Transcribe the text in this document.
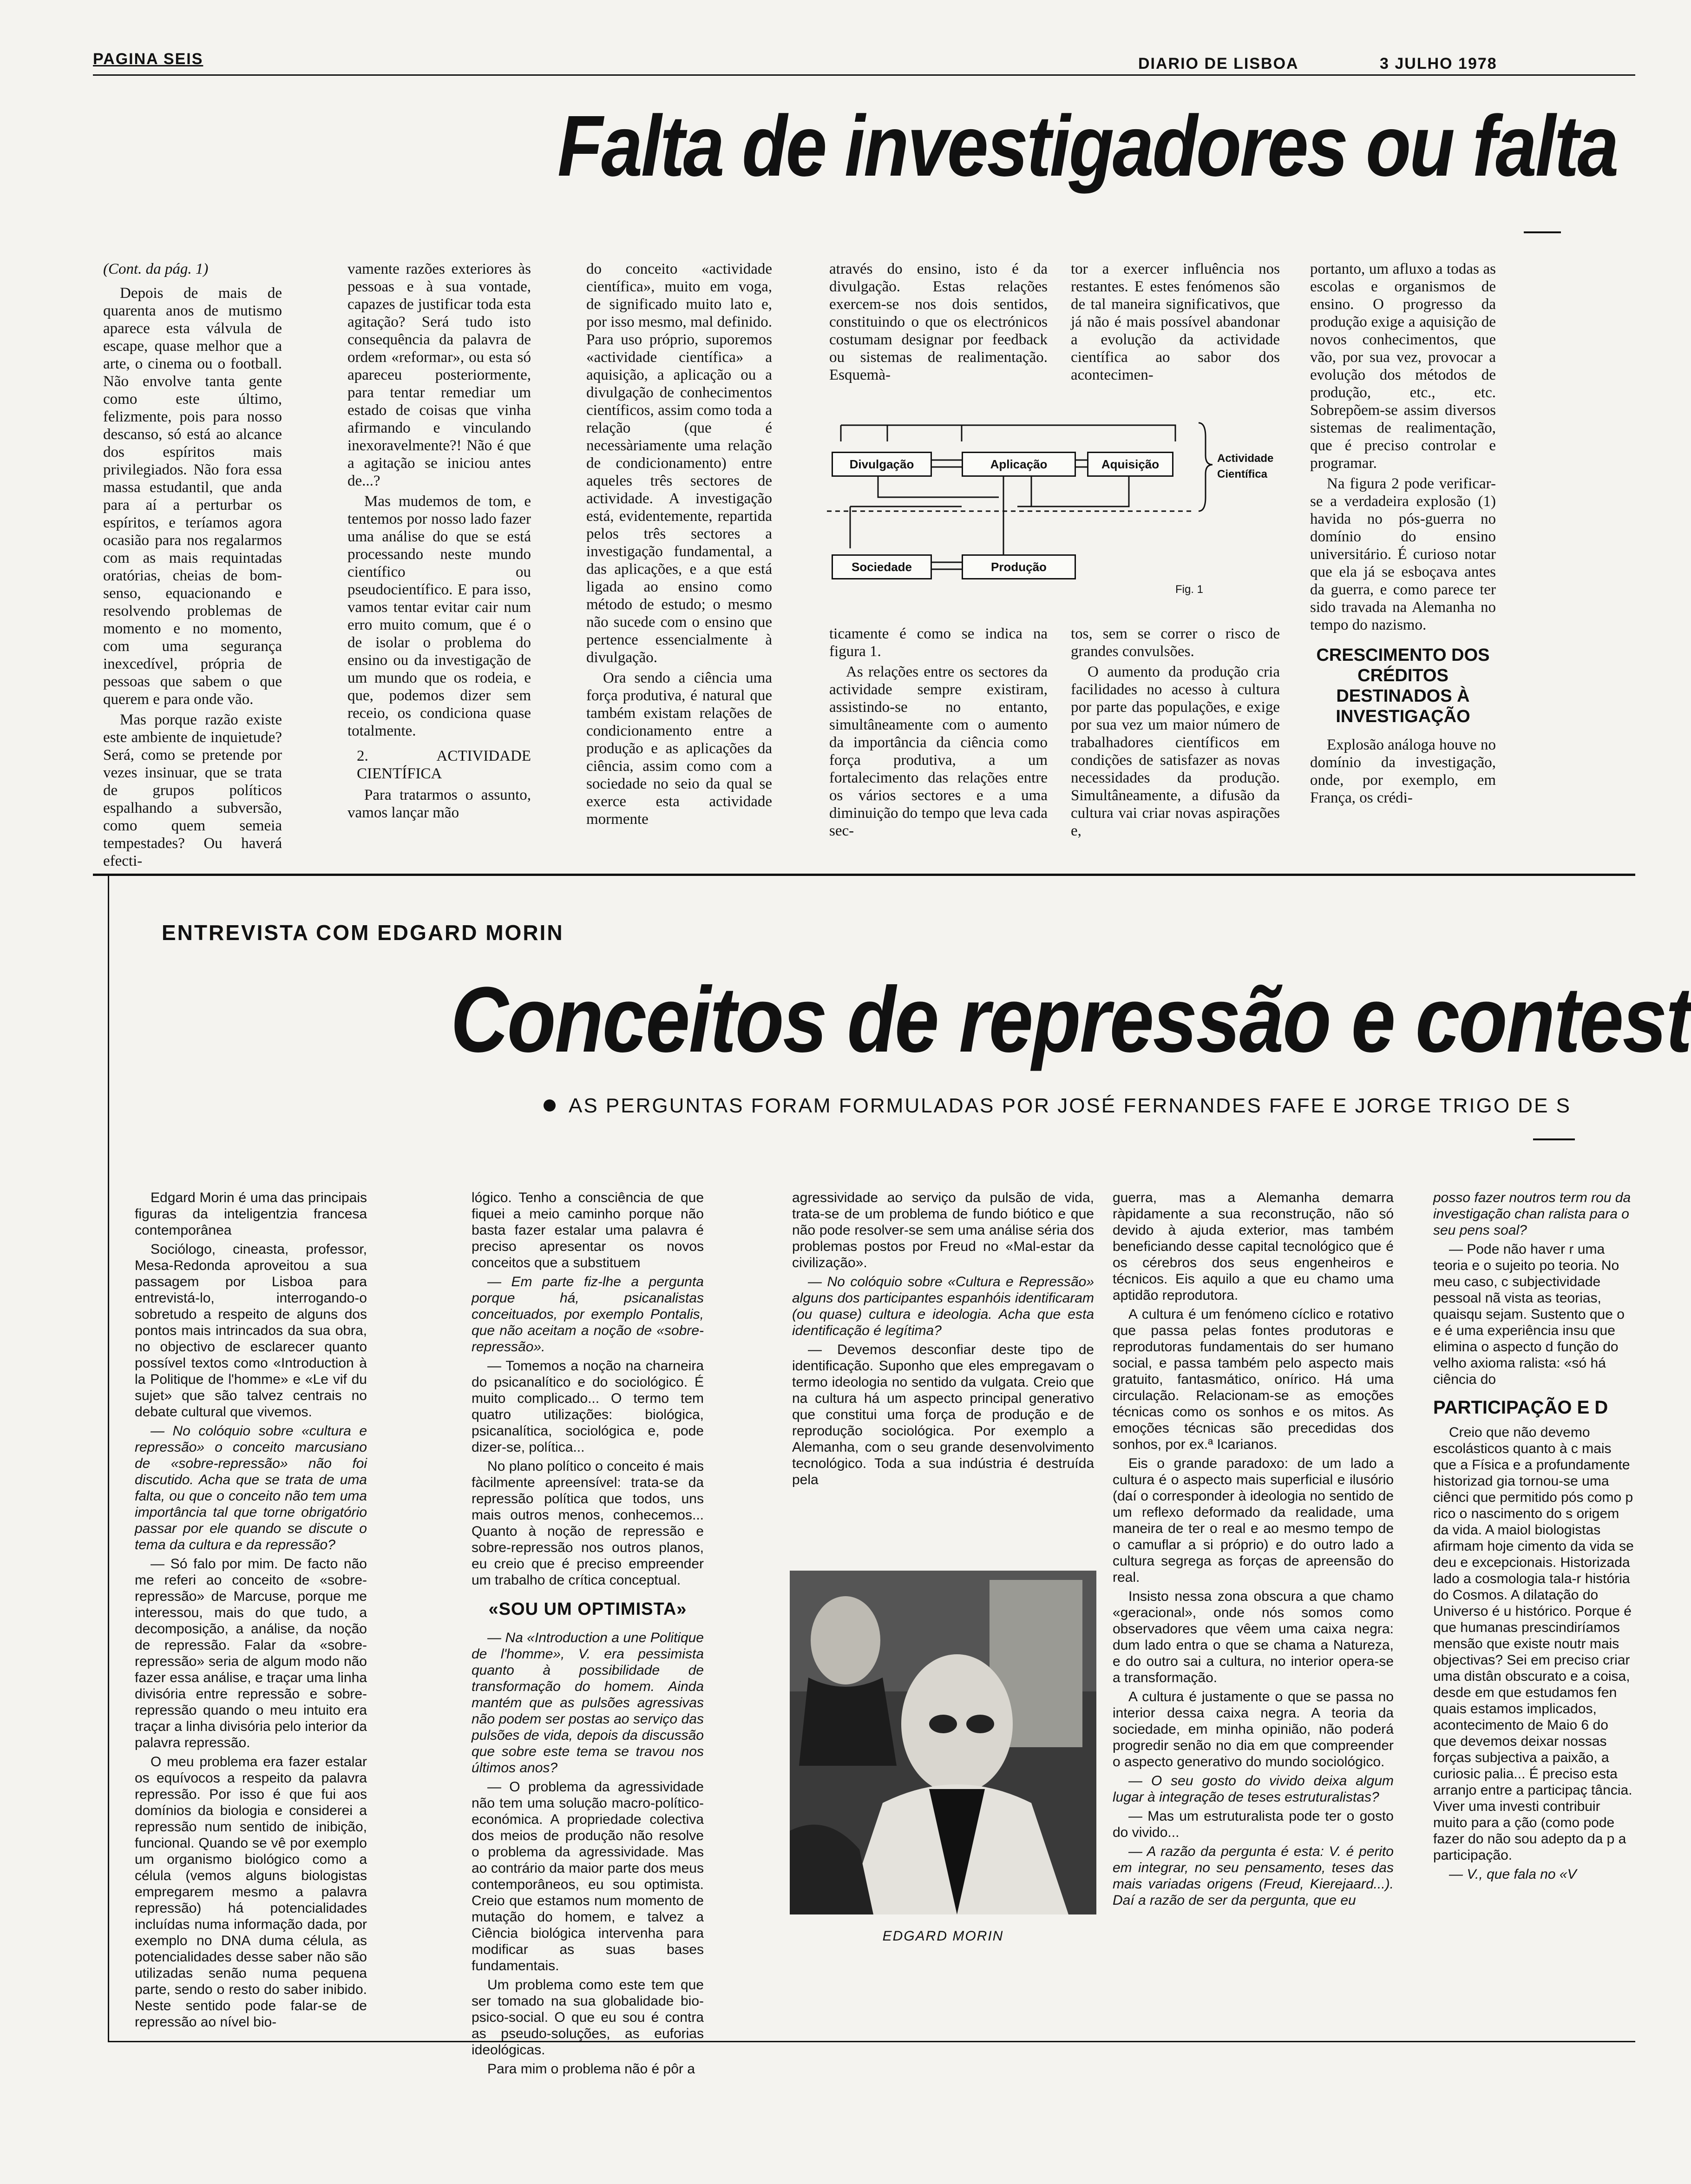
PAGINA SEIS	DIARIO DE LISBOA	3 JULHO 1978
Falta de investigadores ou falta

(Cont. da pág. 1)

Depois de mais de quarenta anos de mutismo aparece esta válvula de escape, quase melhor que a arte, o cinema ou o football. Não envolve tanta gente como este último, felizmente, pois para nosso descanso, só está ao alcance dos espíritos mais privilegiados. Não fora essa massa estudantil, que anda para aí a perturbar os espíritos, e teríamos agora ocasião para nos regalarmos com as mais requintadas oratórias, cheias de bom-senso, equacionando e resolvendo problemas de momento e no momento, com uma segurança inexcedível, própria de pessoas que sabem o que querem e para onde vão.

Mas porque razão existe este ambiente de inquietude? Será, como se pretende por vezes insinuar, que se trata de grupos políticos espalhando a subversão, como quem semeia tempestades? Ou haverá efecti-

vamente razões exteriores às pessoas e à sua vontade, capazes de justificar toda esta agitação? Será tudo isto consequência da palavra de ordem «reformar», ou esta só apareceu posteriormente, para tentar remediar um estado de coisas que vinha afirmando e vinculando inexoravelmente?! Não é que a agitação se iniciou antes de...?

Mas mudemos de tom, e tentemos por nosso lado fazer uma análise do que se está processando neste mundo científico ou pseudocientífico. E para isso, vamos tentar evitar cair num erro muito comum, que é o de isolar o problema do ensino ou da investigação de um mundo que os rodeia, e que, podemos dizer sem receio, os condiciona quase totalmente.

2. ACTIVIDADE CIENTÍFICA

Para tratarmos o assunto, vamos lançar mão

do conceito «actividade científica», muito em voga, de significado muito lato e, por isso mesmo, mal definido. Para uso próprio, suporemos «actividade científica» a aquisição, a aplicação ou a divulgação de conhecimentos científicos, assim como toda a relação (que é necessàriamente uma relação de condicionamento) entre aqueles três sectores de actividade. A investigação está, evidentemente, repartida pelos três sectores a investigação fundamental, a das aplicações, e a que está ligada ao ensino como método de estudo; o mesmo não sucede com o ensino que pertence essencialmente à divulgação.

Ora sendo a ciência uma força produtiva, é natural que também existam relações de condicionamento entre a produção e as aplicações da ciência, assim como com a sociedade no seio da qual se exerce esta actividade mormente

através do ensino, isto é da divulgação. Estas relações exercem-se nos dois sentidos, constituindo o que os electrónicos costumam designar por feedback ou sistemas de realimentação. Esquemà-

tor a exercer influência nos restantes. E estes fenómenos são de tal maneira significativos, que já não é mais possível abandonar a evolução da actividade científica ao sabor dos acontecimen-

Divulgação	Aplicação	Aquisição
Sociedade	Produção
Actividade Científica
Fig. 1

ticamente é como se indica na figura 1.

As relações entre os sectores da actividade sempre existiram, assistindo-se no entanto, simultâneamente com o aumento da importância da ciência como força produtiva, a um fortalecimento das relações entre os vários sectores e a uma diminuição do tempo que leva cada sec-

tos, sem se correr o risco de grandes convulsões.

O aumento da produção cria facilidades no acesso à cultura por parte das populações, e exige por sua vez um maior número de trabalhadores científicos em condições de satisfazer as novas necessidades da produção. Simultâneamente, a difusão da cultura vai criar novas aspirações e,

portanto, um afluxo a todas as escolas e organismos de ensino. O progresso da produção exige a aquisição de novos conhecimentos, que vão, por sua vez, provocar a evolução dos métodos de produção, etc., etc. Sobrepõem-se assim diversos sistemas de realimentação, que é preciso controlar e programar.

Na figura 2 pode verificar-se a verdadeira explosão (1) havida no pós-guerra no domínio do ensino universitário. É curioso notar que ela já se esboçava antes da guerra, e como parece ter sido travada na Alemanha no tempo do nazismo.

CRESCIMENTO DOS CRÉDITOS DESTINADOS À INVESTIGAÇÃO

Explosão análoga houve no domínio da investigação, onde, por exemplo, em França, os crédi-

ENTREVISTA COM EDGARD MORIN
Conceitos de repressão e contest
AS PERGUNTAS FORAM FORMULADAS POR JOSÉ FERNANDES FAFE E JORGE TRIGO DE S

Edgard Morin é uma das principais figuras da inteligentzia francesa contemporânea

Sociólogo, cineasta, professor, Mesa-Redonda aproveitou a sua passagem por Lisboa para entrevistá-lo, interrogando-o sobretudo a respeito de alguns dos pontos mais intrincados da sua obra, no objectivo de esclarecer quanto possível textos como «Introduction à la Politique de l'homme» e «Le vif du sujet» que são talvez centrais no debate cultural que vivemos.

— No colóquio sobre «cultura e repressão» o conceito marcusiano de «sobre-repressão» não foi discutido. Acha que se trata de uma falta, ou que o conceito não tem uma importância tal que torne obrigatório passar por ele quando se discute o tema da cultura e da repressão?

— Só falo por mim. De facto não me referi ao conceito de «sobre-repressão» de Marcuse, porque me interessou, mais do que tudo, a decomposição, a análise, da noção de repressão. Falar da «sobre-repressão» seria de algum modo não fazer essa análise, e traçar uma linha divisória entre repressão e sobre-repressão quando o meu intuito era traçar a linha divisória pelo interior da palavra repressão.

O meu problema era fazer estalar os equívocos a respeito da palavra repressão. Por isso é que fui aos domínios da biologia e considerei a repressão num sentido de inibição, funcional. Quando se vê por exemplo um organismo biológico como a célula (vemos alguns biologistas empregarem mesmo a palavra repressão) há potencialidades incluídas numa informação dada, por exemplo no DNA duma célula, as potencialidades desse saber não são utilizadas senão numa pequena parte, sendo o resto do saber inibido. Neste sentido pode falar-se de repressão ao nível bio-

lógico. Tenho a consciência de que fiquei a meio caminho porque não basta fazer estalar uma palavra é preciso apresentar os novos conceitos que a substituem

— Em parte fiz-lhe a pergunta porque há, psicanalistas conceituados, por exemplo Pontalis, que não aceitam a noção de «sobre-repressão».

— Tomemos a noção na charneira do psicanalítico e do sociológico. É muito complicado... O termo tem quatro utilizações: biológica, psicanalítica, sociológica e, pode dizer-se, política...

No plano político o conceito é mais fàcilmente apreensível: trata-se da repressão política que todos, uns mais outros menos, conhecemos... Quanto à noção de repressão e sobre-repressão nos outros planos, eu creio que é preciso empreender um trabalho de crítica conceptual.

«SOU UM OPTIMISTA»

— Na «Introduction a une Politique de l'homme», V. era pessimista quanto à possibilidade de transformação do homem. Ainda mantém que as pulsões agressivas não podem ser postas ao serviço das pulsões de vida, depois da discussão que sobre este tema se travou nos últimos anos?

— O problema da agressividade não tem uma solução macro-político-económica. A propriedade colectiva dos meios de produção não resolve o problema da agressividade. Mas ao contrário da maior parte dos meus contemporâneos, eu sou optimista. Creio que estamos num momento de mutação do homem, e talvez a Ciência biológica intervenha para modificar as suas bases fundamentais.

Um problema como este tem que ser tomado na sua globalidade bio-psico-social. O que eu sou é contra as pseudo-soluções, as euforias ideológicas.

Para mim o problema não é pôr a

agressividade ao serviço da pulsão de vida, trata-se de um problema de fundo biótico e que não pode resolver-se sem uma análise séria dos problemas postos por Freud no «Mal-estar da civilização».

— No colóquio sobre «Cultura e Repressão» alguns dos participantes espanhóis identificaram (ou quase) cultura e ideologia. Acha que esta identificação é legítima?

— Devemos desconfiar deste tipo de identificação. Suponho que eles empregavam o termo ideologia no sentido da vulgata. Creio que na cultura há um aspecto principal generativo que constitui uma força de produção e de reprodução sociológica. Por exemplo a Alemanha, com o seu grande desenvolvimento tecnológico. Toda a sua indústria é destruída pela

EDGARD MORIN

guerra, mas a Alemanha demarra ràpidamente a sua reconstrução, não só devido à ajuda exterior, mas também beneficiando desse capital tecnológico que é os cérebros dos seus engenheiros e técnicos. Eis aquilo a que eu chamo uma aptidão reprodutora.

A cultura é um fenómeno cíclico e rotativo que passa pelas fontes produtoras e reprodutoras fundamentais do ser humano social, e passa também pelo aspecto mais gratuito, fantasmático, onírico. Há uma circulação. Relacionam-se as emoções técnicas como os sonhos e os mitos. As emoções técnicas são precedidas dos sonhos, por ex.ª Icarianos.

Eis o grande paradoxo: de um lado a cultura é o aspecto mais superficial e ilusório (daí o corresponder à ideologia no sentido de um reflexo deformado da realidade, uma maneira de ter o real e ao mesmo tempo de o camuflar a si próprio) e do outro lado a cultura segrega as forças de apreensão do real.

Insisto nessa zona obscura a que chamo «geracional», onde nós somos como observadores que vêem uma caixa negra: dum lado entra o que se chama a Natureza, e do outro sai a cultura, no interior opera-se a transformação.

A cultura é justamente o que se passa no interior dessa caixa negra. A teoria da sociedade, em minha opinião, não poderá progredir senão no dia em que compreender o aspecto generativo do mundo sociológico.

— O seu gosto do vivido deixa algum lugar à integração de teses estruturalistas?

— Mas um estruturalista pode ter o gosto do vivido...

— A razão da pergunta é esta: V. é perito em integrar, no seu pensamento, teses das mais variadas origens (Freud, Kierejaard...). Daí a razão de ser da pergunta, que eu

posso fazer noutros term rou da investigação chan ralista para o seu pens soal?

— Pode não haver r uma teoria e o sujeito po teoria. No meu caso, c subjectividade pessoal nã vista as teorias, quaisqu sejam. Sustento que o e é uma experiência insu que elimina o aspecto d função do velho axioma ralista: «só há ciência do

PARTICIPAÇÃO E D

Creio que não devemo escolásticos quanto à c mais que a Física e a profundamente historizad gia tornou-se uma ciênci que permitido pós como p rico o nascimento do s origem da vida. A maiol biologistas afirmam hoje cimento da vida se deu e excepcionais. Historizada lado a cosmologia tala-r história do Cosmos. A dilatação do Universo é u histórico. Porque é que humanas prescindiríamos mensão que existe noutr mais objectivas? Sei em preciso criar uma distân obscurato e a coisa, desde em que estudamos fen quais estamos implicados, acontecimento de Maio 6 do que devemos deixar nossas forças subjectiva a paixão, a curiosic palia... É preciso esta arranjo entre a participaç tância. Viver uma investi contribuir muito para a ção (como pode fazer do não sou adepto da p a participação.

— V., que fala no «V
